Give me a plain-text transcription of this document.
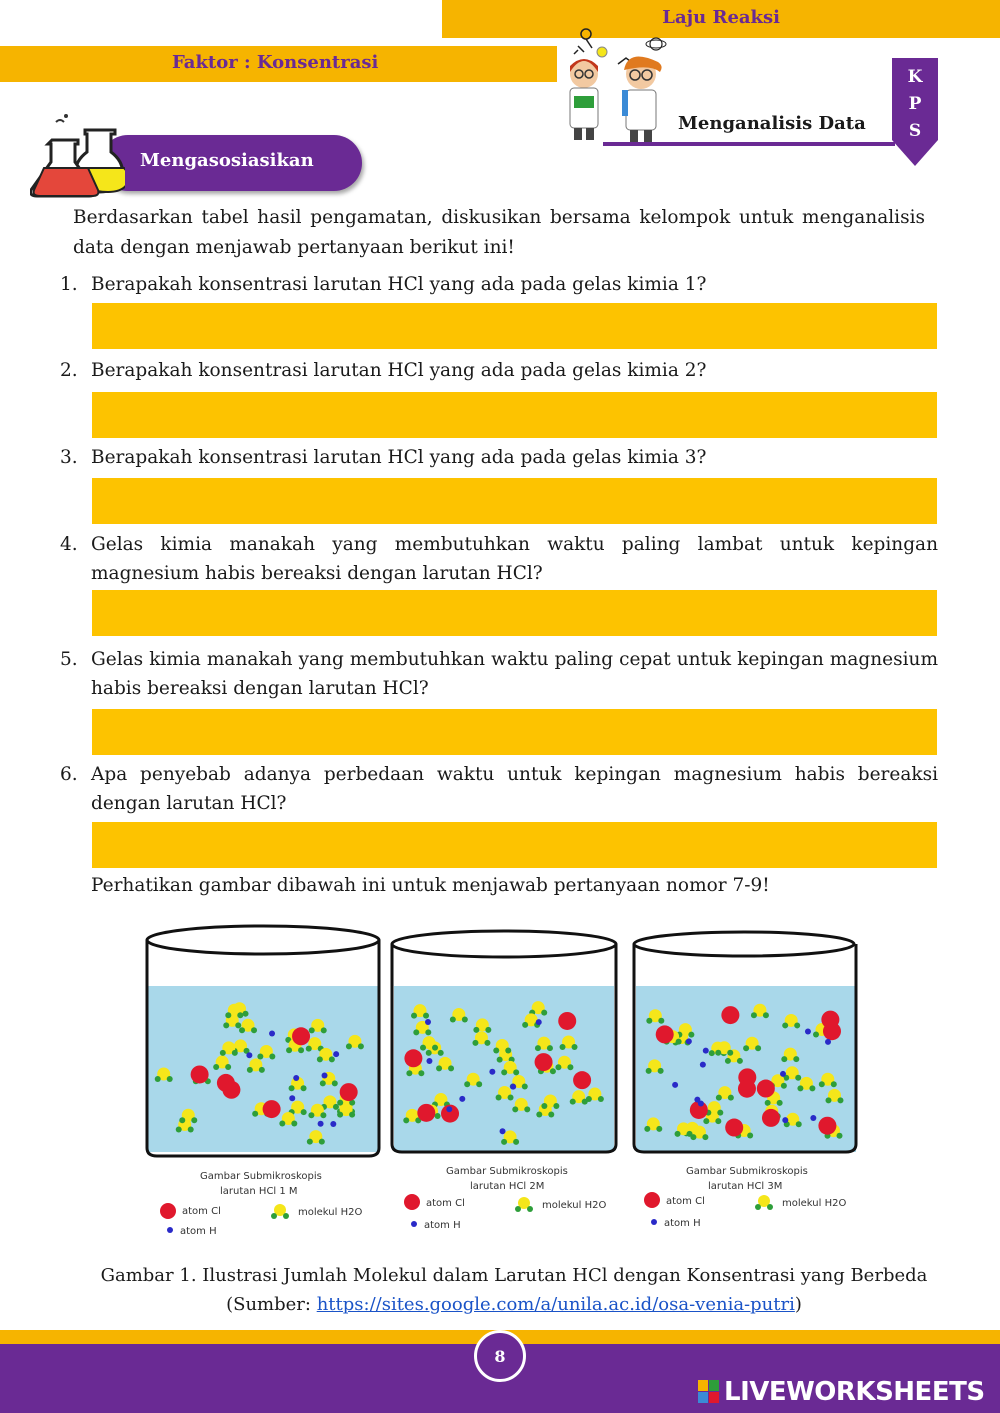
Laju Reaksi
Faktor : Konsentrasi
Menganalisis Data
K
P
S
Mengasosiasikan
Berdasarkan tabel hasil pengamatan, diskusikan bersama kelompok untuk menganalisis data dengan menjawab pertanyaan berikut ini!
1. Berapakah konsentrasi larutan HCl yang ada pada gelas kimia 1?
2. Berapakah konsentrasi larutan HCl yang ada pada gelas kimia 2?
3. Berapakah konsentrasi larutan HCl yang ada pada gelas kimia 3?
4. Gelas kimia manakah yang membutuhkan waktu paling lambat untuk kepingan magnesium habis bereaksi dengan larutan HCl?
5. Gelas kimia manakah yang membutuhkan waktu paling cepat untuk kepingan magnesium habis bereaksi dengan larutan HCl?
6. Apa penyebab adanya perbedaan waktu untuk kepingan magnesium habis bereaksi dengan larutan HCl?
Perhatikan gambar dibawah ini untuk menjawab pertanyaan nomor 7-9!
Gambar Submikroskopis
larutan HCl 1 M
atom Cl
atom H
molekul H2O
Gambar Submikroskopis
larutan HCl 2M
atom Cl
atom H
molekul H2O
Gambar Submikroskopis
larutan HCl 3M
atom Cl
atom H
molekul H2O
Gambar 1. Ilustrasi Jumlah Molekul dalam Larutan HCl dengan Konsentrasi yang Berbeda
(Sumber: https://sites.google.com/a/unila.ac.id/osa-venia-putri)
8
LIVEWORKSHEETS
